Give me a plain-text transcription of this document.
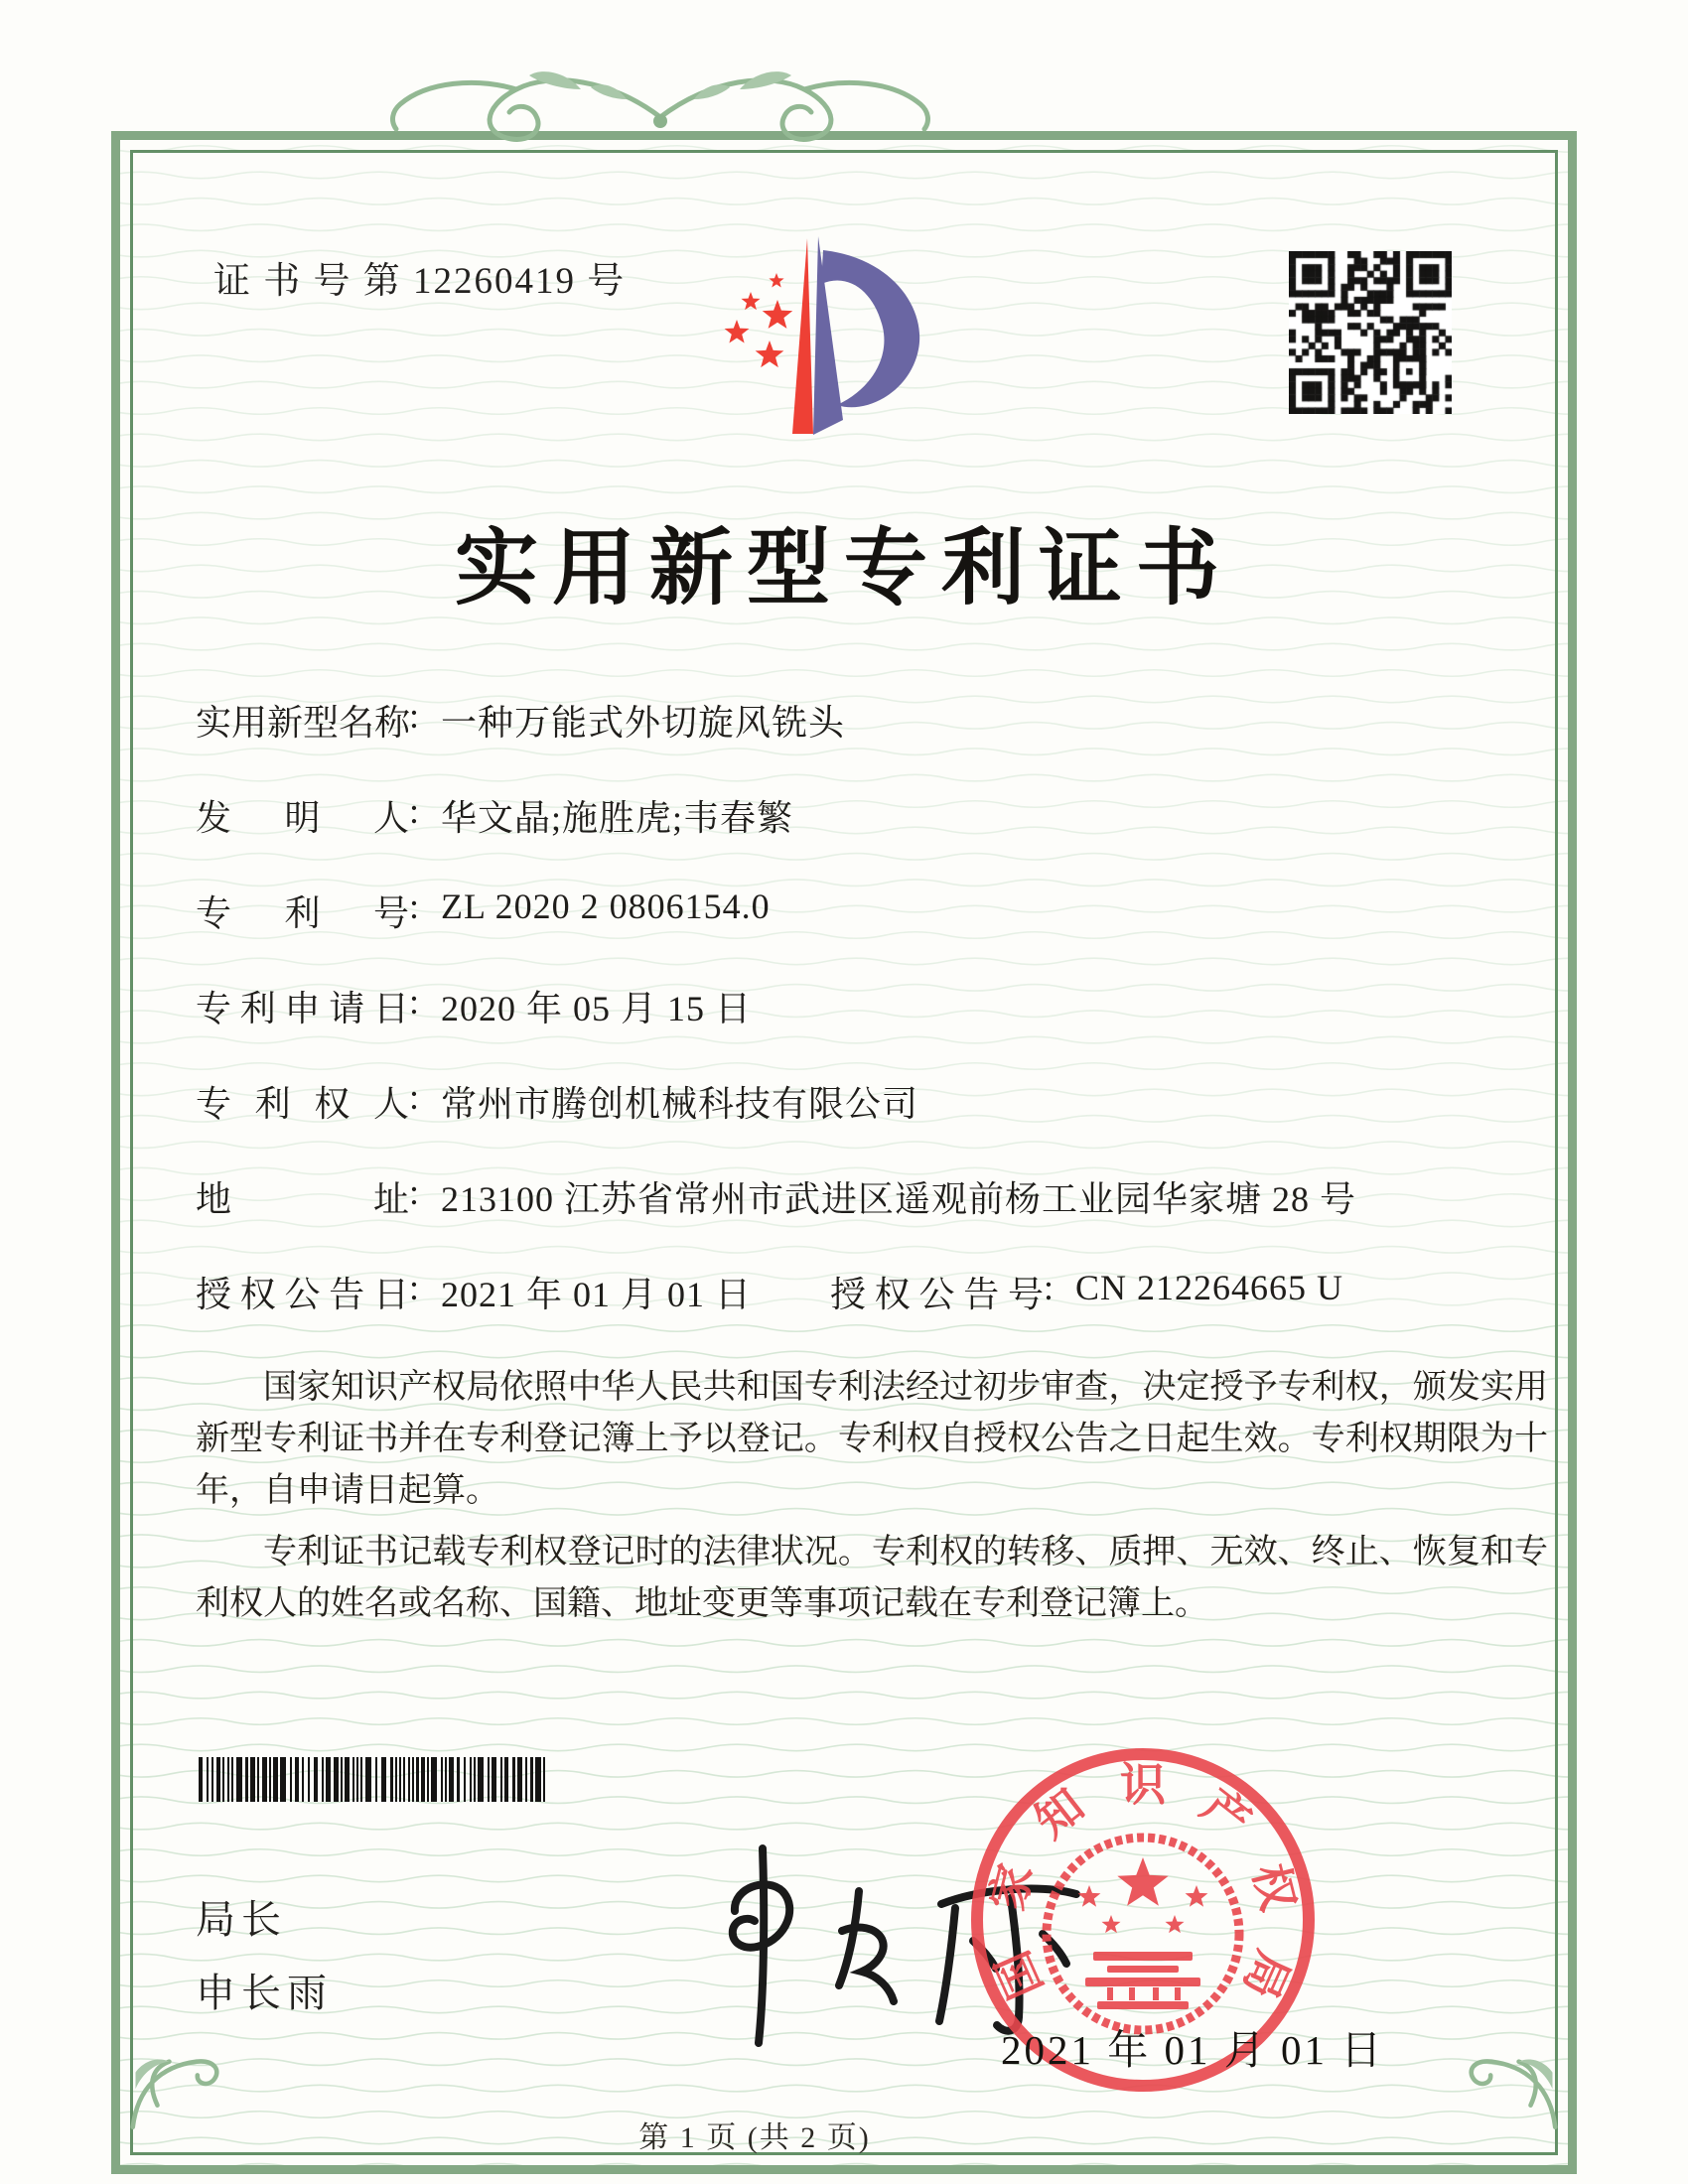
证 书 号 第 12260419 号
实用新型专利证书
实用新型名称: 一种万能式外切旋风铣头
发明人: 华文晶;施胜虎;韦春繁
专利号: ZL 2020 2 0806154.0
专利申请日: 2020 年 05 月 15 日
专利权人: 常州市腾创机械科技有限公司
地址: 213100 江苏省常州市武进区遥观前杨工业园华家塘 28 号
授权公告日: 2021 年 01 月 01 日 授权公告号: CN 212264665 U

国家知识产权局依照中华人民共和国专利法经过初步审查，决定授予专利权，颁发实用新型专利证书并在专利登记簿上予以登记。专利权自授权公告之日起生效。专利权期限为十年，自申请日起算。

专利证书记载专利权登记时的法律状况。专利权的转移、质押、无效、终止、恢复和专利权人的姓名或名称、国籍、地址变更等事项记载在专利登记簿上。

局长
申长雨	国
家
知 识 产
权
局
2021 年 01 月 01 日
第 1 页 (共 2 页)
